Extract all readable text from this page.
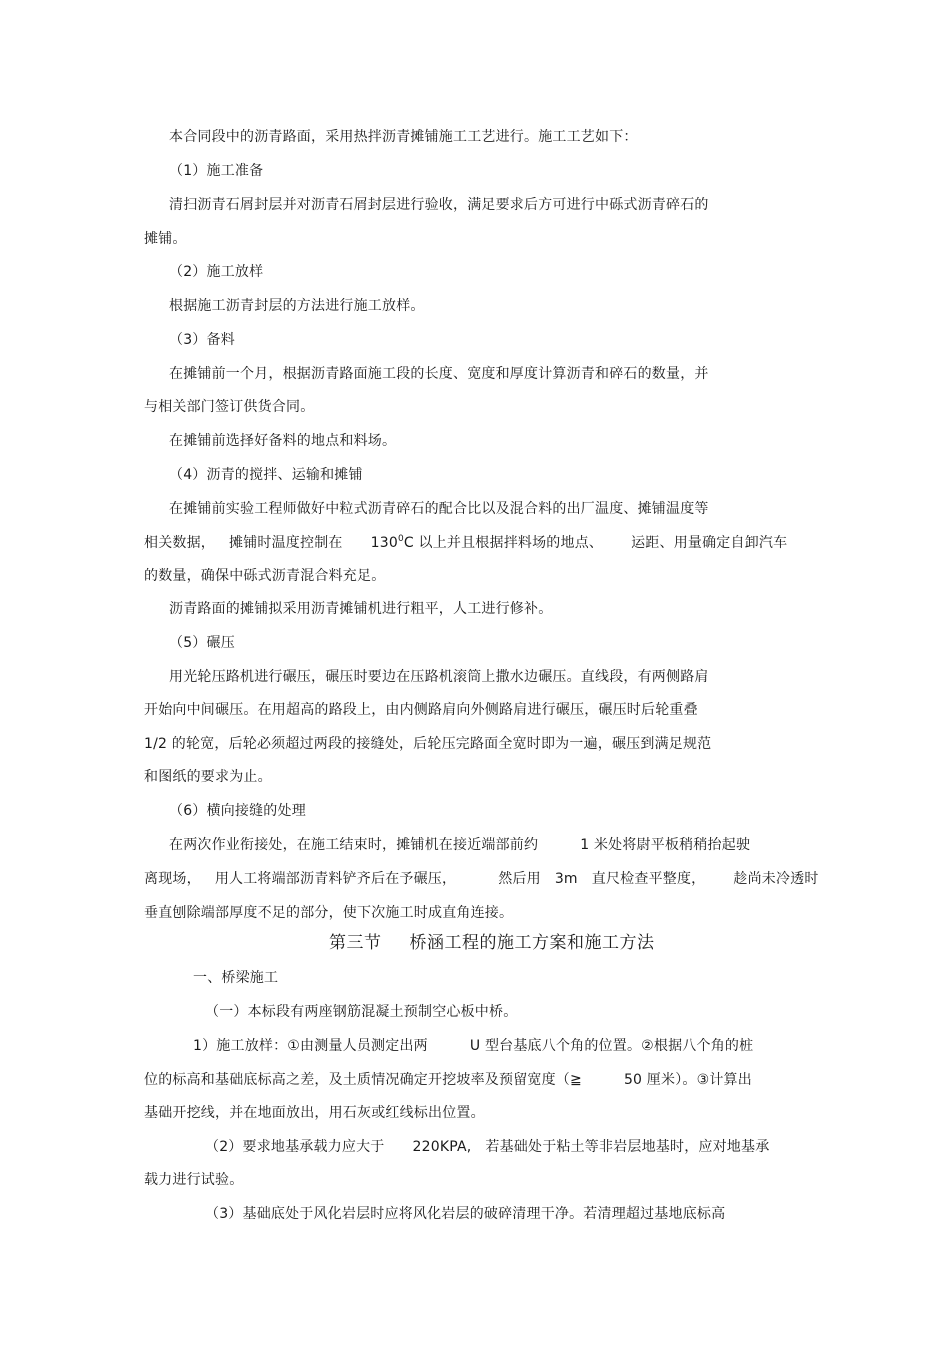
本合同段中的沥青路面，采用热拌沥青摊铺施工工艺进行。施工工艺如下：
（1）施工准备
清扫沥青石屑封层并对沥青石屑封层进行验收，满足要求后方可进行中砾式沥青碎石的
摊铺。
（2）施工放样
根据施工沥青封层的方法进行施工放样。
（3）备料
在摊铺前一个月，根据沥青路面施工段的长度、宽度和厚度计算沥青和碎石的数量，并
与相关部门签订供货合同。
在摊铺前选择好备料的地点和料场。
（4）沥青的搅拌、运输和摊铺
在摊铺前实验工程师做好中粒式沥青碎石的配合比以及混合料的出厂温度、摊铺温度等
相关数据， 摊铺时温度控制在 $130^0C$ 以上并且根据拌料场的地点、 运距、用量确定自卸汽车
的数量，确保中砾式沥青混合料充足。
沥青路面的摊铺拟采用沥青摊铺机进行粗平，人工进行修补。
（5）碾压
用光轮压路机进行碾压，碾压时要边在压路机滚筒上撒水边碾压。直线段，有两侧路肩
开始向中间碾压。在用超高的路段上，由内侧路肩向外侧路肩进行碾压，碾压时后轮重叠
1/2 的轮宽，后轮必须超过两段的接缝处，后轮压完路面全宽时即为一遍，碾压到满足规范
和图纸的要求为止。
（6）横向接缝的处理
在两次作业衔接处，在施工结束时，摊铺机在接近端部前约	1 米处将尉平板稍稍抬起驶
离现场， 用人工将端部沥青料铲齐后在予碾压，	然后用 3m 直尺检查平整度， 趁尚未冷透时
垂直刨除端部厚度不足的部分，使下次施工时成直角连接。
第三节 桥涵工程的施工方案和施工方法
一、桥梁施工
（一）本标段有两座钢筋混凝土预制空心板中桥。
1）施工放样：①由测量人员测定出两	U 型台基底八个角的位置。②根据八个角的桩
位的标高和基础底标高之差，及土质情况确定开挖坡率及预留宽度（≧	50 厘米）。③计算出
基础开挖线，并在地面放出，用石灰或红线标出位置。
（2）要求地基承载力应大于 220KPA, 若基础处于粘土等非岩层地基时，应对地基承
载力进行试验。
（3）基础底处于风化岩层时应将风化岩层的破碎清理干净。若清理超过基地底标高
